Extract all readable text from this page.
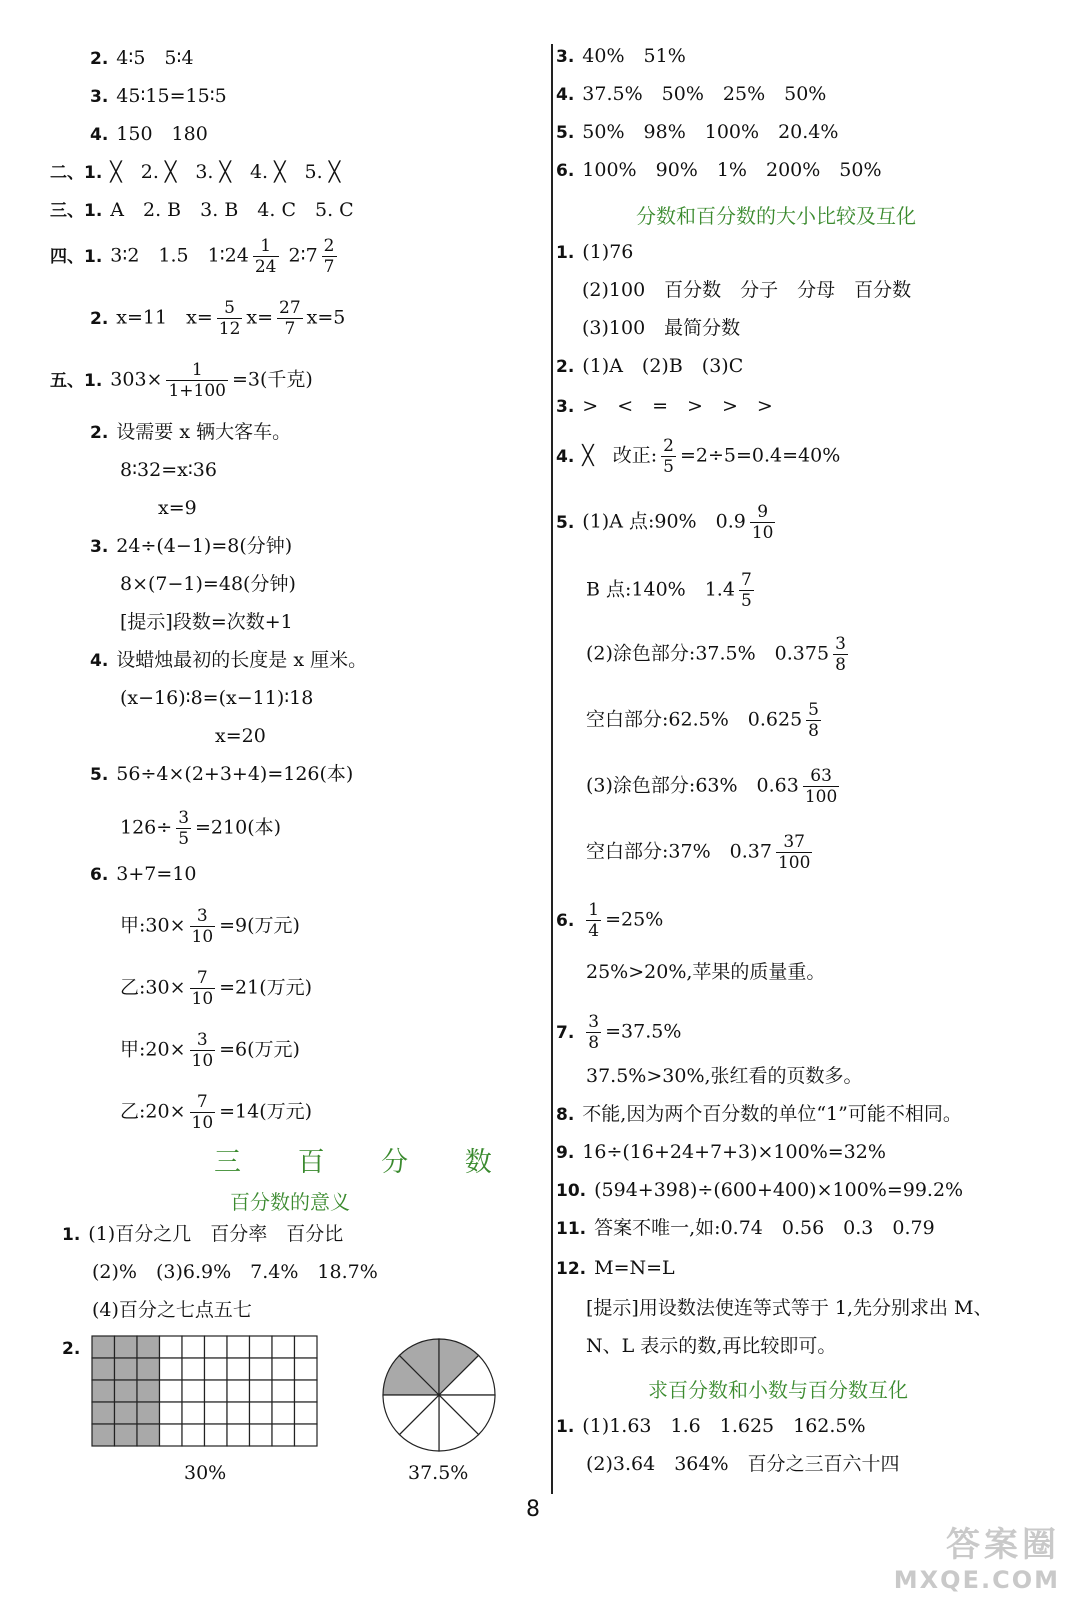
2. 4∶5　5∶4
3. 45∶15=15∶5
4. 150　180
二、1. ╳　2. ╳　3. ╳　4. ╳　5. ╳
三、1. A　2. B　3. B　4. C　5. C
四、1. 3∶2　1.5　1∶24 $\frac{1}{24}$ 2∶7 $\frac{2}{7}$
2. x=11　$x= \frac{5}{12} x= \frac{27}{7} x=5$
五、1. $303\times \frac{1}{1+100} =3$(千克)
2. 设需要 x 辆大客车。
8∶32=x∶36
x=9
3. 24÷(4−1)=8(分钟)
8×(7−1)=48(分钟)
[提示]段数=次数+1
4. 设蜡烛最初的长度是 x 厘米。
(x−16)∶8=(x−11)∶18
x=20
5. 56÷4×(2+3+4)=126(本)
$126\div \frac{3}{5} =210$(本)
6. 3+7=10
甲:30× $\frac{3}{10} =9$(万元)
乙:30× $\frac{7}{10} =21$(万元)
甲:20× $\frac{3}{10} =6$(万元)
乙:20× $\frac{7}{10} =14$(万元)
三 百 分 数
百分数的意义
1. (1)百分之几　百分率　百分比
(2)%　(3)6.9%　7.4%　18.7%
(4)百分之七点五七
2.
30%	37.5%
3. 40%　51%
4. 37.5%　50%　25%　50%
5. 50%　98%　100%　20.4%
6. 100%　90%　1%　200%　50%
分数和百分数的大小比较及互化
1. (1)76
(2)100　百分数　分子　分母　百分数
(3)100　最简分数
2. (1)A　(2)B　(3)C
3. >　<　=　>　>　>
4. ╳　改正: $\frac{2}{5} =2\div 5=0.4=40\%$
5. (1)A 点:90%　$0.9 \frac{9}{10}$
B 点:140%　$1.4 \frac{7}{5}$
(2)涂色部分:37.5%　$0.375 \frac{3}{8}$
空白部分:62.5%　$0.625 \frac{5}{8}$
(3)涂色部分:63%　$0.63 \frac{63}{100}$
空白部分:37%　$0.37 \frac{37}{100}$
6. $\frac{1}{4} =25\%$
25%>20%,苹果的质量重。
7. $\frac{3}{8} =37.5\%$
37.5%>30%,张红看的页数多。
8. 不能,因为两个百分数的单位“1”可能不相同。
9. 16÷(16+24+7+3)×100%=32%
10. (594+398)÷(600+400)×100%=99.2%
11. 答案不唯一,如:0.74　0.56　0.3　0.79
12. M=N=L
[提示]用设数法使连等式等于 1,先分别求出 M、
N、L 表示的数,再比较即可。
求百分数和小数与百分数互化
1. (1)1.63　1.6　1.625　162.5%
(2)3.64　364%　百分之三百六十四
8
答案圈
MXQE.COM
